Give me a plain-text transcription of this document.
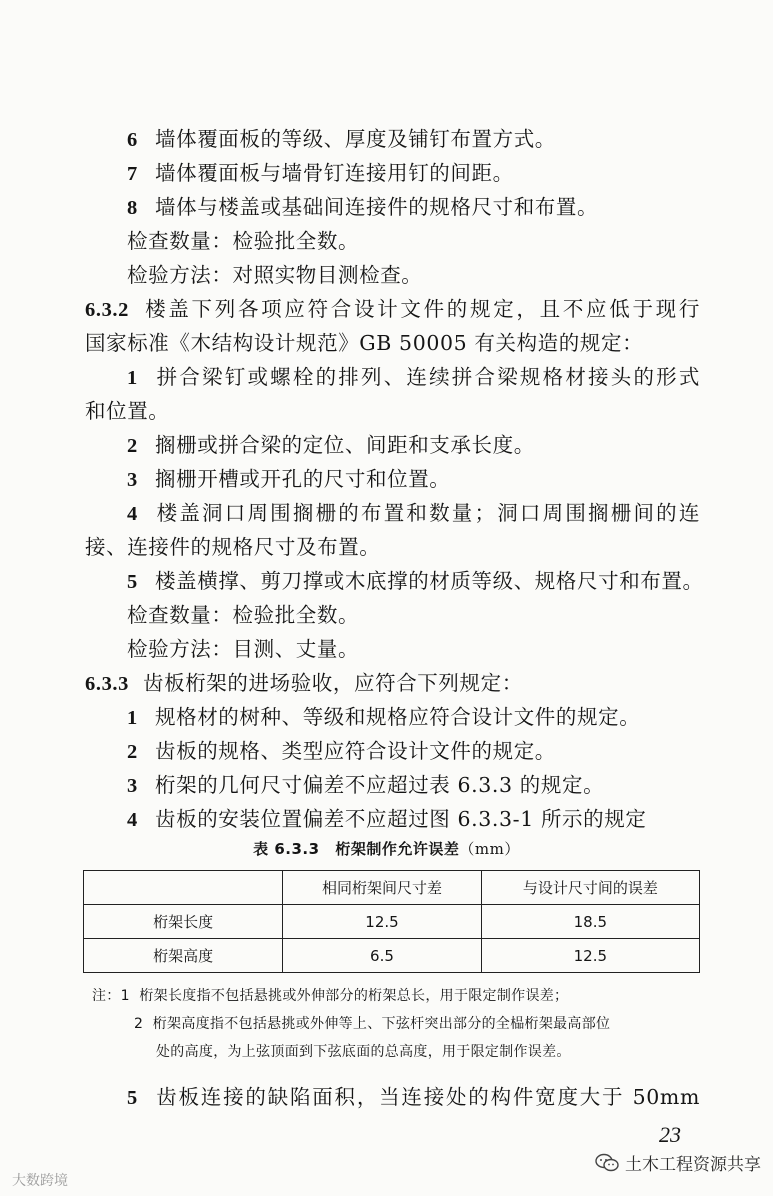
6 墙体覆面板的等级、厚度及铺钉布置方式。
7 墙体覆面板与墙骨钉连接用钉的间距。
8 墙体与楼盖或基础间连接件的规格尺寸和布置。
检查数量：检验批全数。
检验方法：对照实物目测检查。
6.3.2 楼盖下列各项应符合设计文件的规定，且不应低于现行
国家标准《木结构设计规范》GB 50005 有关构造的规定：
1 拼合梁钉或螺栓的排列、连续拼合梁规格材接头的形式
和位置。
2 搁栅或拼合梁的定位、间距和支承长度。
3 搁栅开槽或开孔的尺寸和位置。
4 楼盖洞口周围搁栅的布置和数量；洞口周围搁栅间的连
接、连接件的规格尺寸及布置。
5 楼盖横撑、剪刀撑或木底撑的材质等级、规格尺寸和布置。
检查数量：检验批全数。
检验方法：目测、丈量。
6.3.3 齿板桁架的进场验收，应符合下列规定：
1 规格材的树种、等级和规格应符合设计文件的规定。
2 齿板的规格、类型应符合设计文件的规定。
3 桁架的几何尺寸偏差不应超过表 6.3.3 的规定。
4 齿板的安装位置偏差不应超过图 6.3.3-1 所示的规定
表 6.3.3 桁架制作允许误差（mm）
	相同桁架间尺寸差	与设计尺寸间的误差
桁架长度	12.5	18.5
桁架高度	6.5	12.5
注：1 桁架长度指不包括悬挑或外伸部分的桁架总长，用于限定制作误差；
2 桁架高度指不包括悬挑或外伸等上、下弦杆突出部分的全榀桁架最高部位
处的高度，为上弦顶面到下弦底面的总高度，用于限定制作误差。
5 齿板连接的缺陷面积，当连接处的构件宽度大于 50mm
23
大数跨境
土木工程资源共享
